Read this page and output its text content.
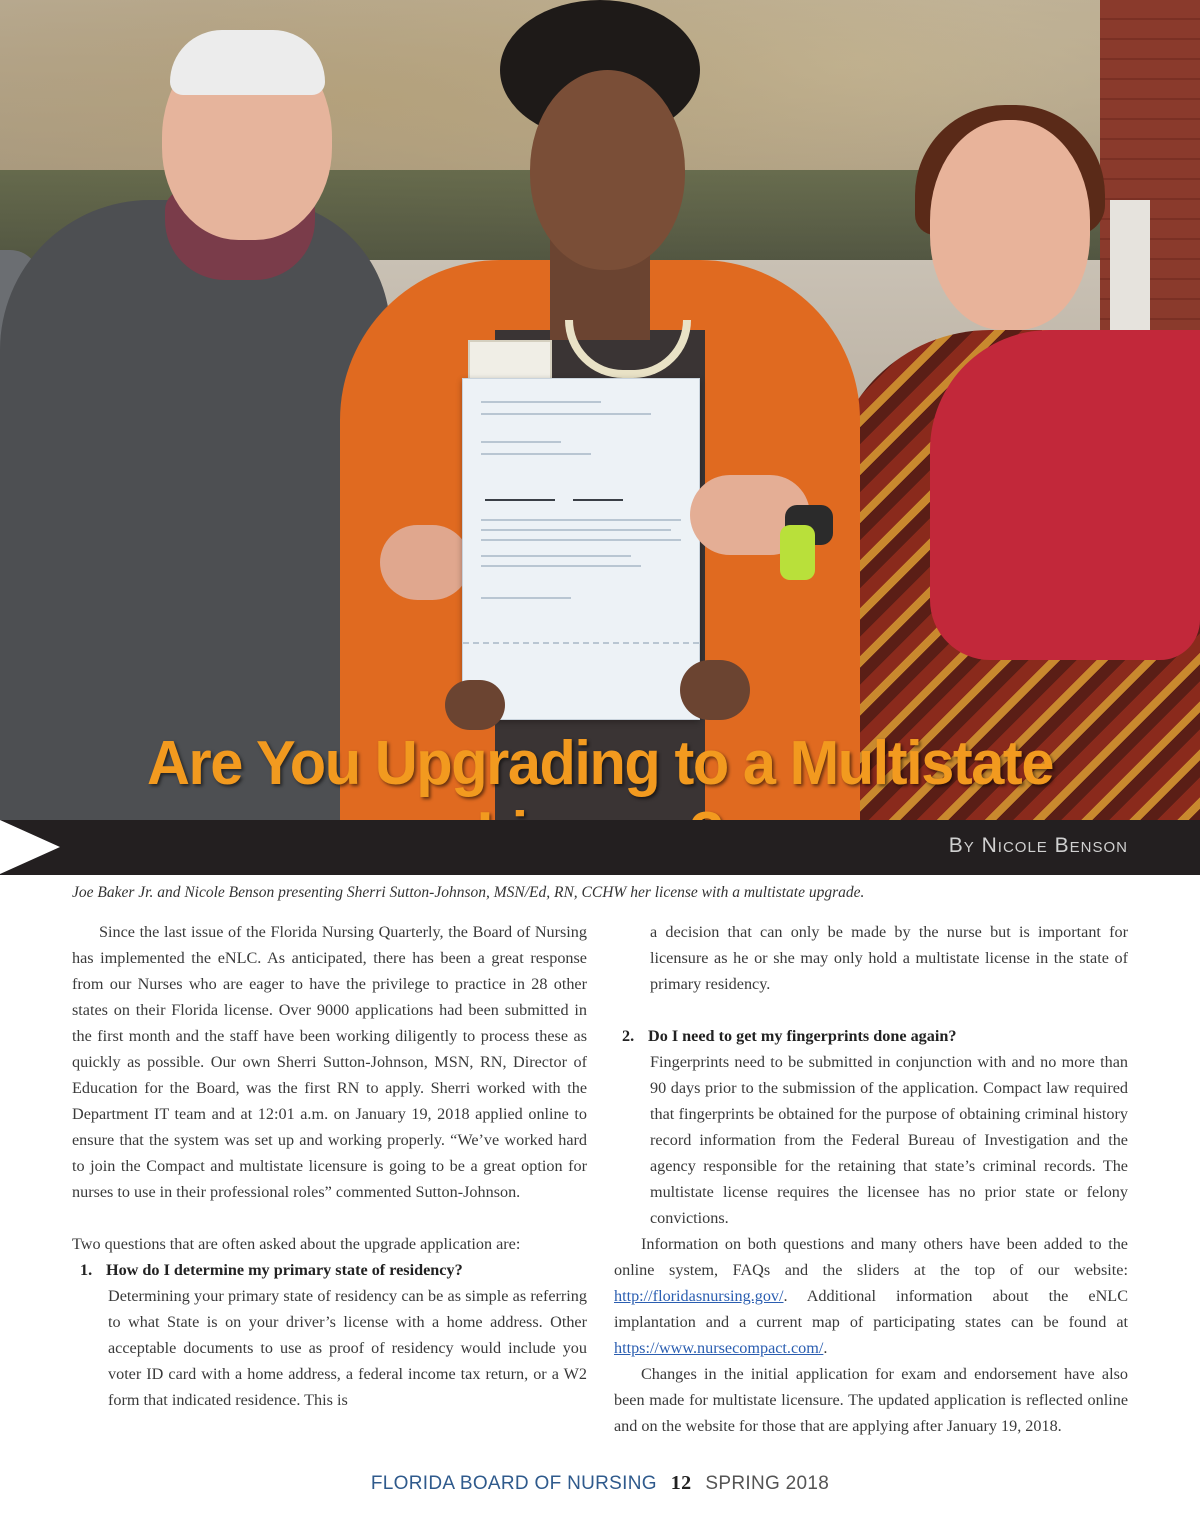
Are You Upgrading to a Multistate
By Nicole Benson
Joe Baker Jr. and Nicole Benson presenting Sherri Sutton-Johnson, MSN/Ed, RN, CCHW her license with a multistate upgrade.

Since the last issue of the Florida Nursing Quarterly, the Board of Nursing has implemented the eNLC. As anticipated, there has been a great response from our Nurses who are eager to have the privilege to practice in 28 other states on their Florida license. Over 9000 applications had been submitted in the first month and the staff have been working diligently to process these as quickly as possible. Our own Sherri Sutton-Johnson, MSN, RN, Director of Education for the Board, was the first RN to apply. Sherri worked with the Department IT team and at 12:01 a.m. on January 19, 2018 applied online to ensure that the system was set up and working properly. “We’ve worked hard to join the Compact and multistate licensure is going to be a great option for nurses to use in their professional roles” commented Sutton-Johnson.

Two questions that are often asked about the upgrade application are:

1. How do I determine my primary state of residency?

Determining your primary state of residency can be as simple as referring to what State is on your driver’s license with a home address. Other acceptable documents to use as proof of residency would include you voter ID card with a home address, a federal income tax return, or a W2 form that indicated residence. This is

a decision that can only be made by the nurse but is important for licensure as he or she may only hold a multistate license in the state of primary residency.

2. Do I need to get my fingerprints done again?

Fingerprints need to be submitted in conjunction with and no more than 90 days prior to the submission of the application. Compact law required that fingerprints be obtained for the purpose of obtaining criminal history record information from the Federal Bureau of Investigation and the agency responsible for the retaining that state’s criminal records. The multistate license requires the licensee has no prior state or felony convictions.

Information on both questions and many others have been added to the online system, FAQs and the sliders at the top of our website: http://floridasnursing.gov/. Additional information about the eNLC implantation and a current map of participating states can be found at https://www.nursecompact.com/.

Changes in the initial application for exam and endorsement have also been made for multistate licensure. The updated application is reflected online and on the website for those that are applying after January 19, 2018.

FLORIDA BOARD OF NURSING 12 SPRING 2018
